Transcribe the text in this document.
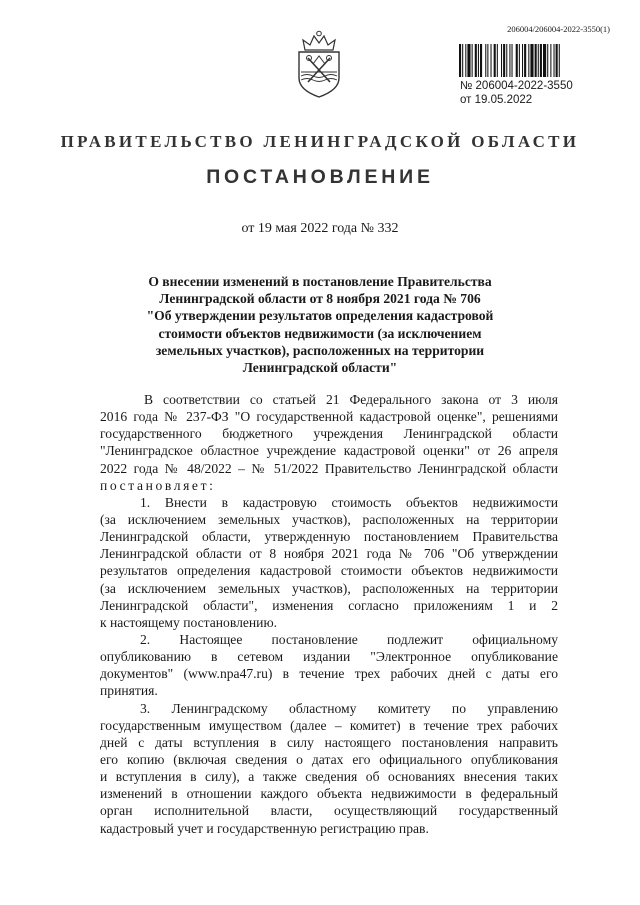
206004/206004-2022-3550(1)
№ 206004-2022-3550
от 19.05.2022
ПРАВИТЕЛЬСТВО ЛЕНИНГРАДСКОЙ ОБЛАСТИ
ПОСТАНОВЛЕНИЕ
от 19 мая 2022 года № 332
О внесении изменений в постановление Правительства
Ленинградской области от 8 ноября 2021 года № 706
"Об утверждении результатов определения кадастровой
стоимости объектов недвижимости (за исключением
земельных участков), расположенных на территории
Ленинградской области"
В соответствии со статьей 21 Федерального закона от 3 июля
2016 года № 237-ФЗ "О государственной кадастровой оценке", решениями
государственного бюджетного учреждения Ленинградской области
"Ленинградское областное учреждение кадастровой оценки" от 26 апреля
2022 года № 48/2022 – № 51/2022 Правительство Ленинградской области
постановляет:
1. Внести в кадастровую стоимость объектов недвижимости
(за исключением земельных участков), расположенных на территории
Ленинградской области, утвержденную постановлением Правительства
Ленинградской области от 8 ноября 2021 года № 706 "Об утверждении
результатов определения кадастровой стоимости объектов недвижимости
(за исключением земельных участков), расположенных на территории
Ленинградской области", изменения согласно приложениям 1 и 2
к настоящему постановлению.
2. Настоящее постановление подлежит официальному
опубликованию в сетевом издании "Электронное опубликование
документов" (www.npa47.ru) в течение трех рабочих дней с даты его
принятия.
3. Ленинградскому областному комитету по управлению
государственным имуществом (далее – комитет) в течение трех рабочих
дней с даты вступления в силу настоящего постановления направить
его копию (включая сведения о датах его официального опубликования
и вступления в силу), а также сведения об основаниях внесения таких
изменений в отношении каждого объекта недвижимости в федеральный
орган исполнительной власти, осуществляющий государственный
кадастровый учет и государственную регистрацию прав.
